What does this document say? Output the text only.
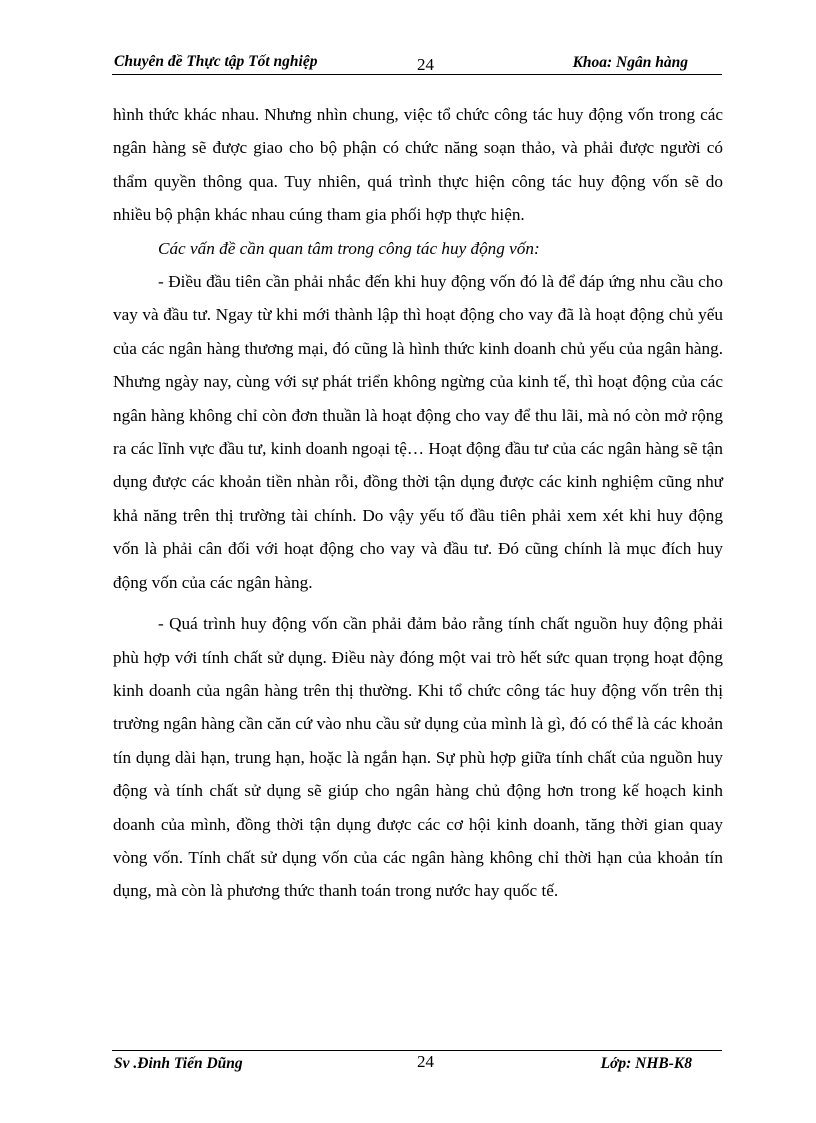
Chuyên đề Thực tập Tốt nghiệp	24	Khoa: Ngân hàng

hình thức khác nhau. Nhưng nhìn chung, việc tổ chức công tác huy động vốn trong các ngân hàng sẽ được giao cho bộ phận có chức năng soạn thảo, và phải được người có thẩm quyền thông qua. Tuy nhiên, quá trình thực hiện công tác huy động vốn sẽ do nhiều bộ phận khác nhau cúng tham gia phối hợp thực hiện.

Các vấn đề cần quan tâm trong công tác huy động vốn:

- Điều đầu tiên cần phải nhắc đến khi huy động vốn đó là để đáp ứng nhu cầu cho vay và đầu tư. Ngay từ khi mới thành lập thì hoạt động cho vay đã là hoạt động chủ yếu của các ngân hàng thương mại, đó cũng là hình thức kinh doanh chủ yếu của ngân hàng. Nhưng ngày nay, cùng với sự phát triển không ngừng của kinh tế, thì hoạt động của các ngân hàng không chỉ còn đơn thuần là hoạt động cho vay để thu lãi, mà nó còn mở rộng ra các lĩnh vực đầu tư, kinh doanh ngoại tệ… Hoạt động đầu tư của các ngân hàng sẽ tận dụng được các khoản tiền nhàn rỗi, đồng thời tận dụng được các kinh nghiệm cũng như khả năng trên thị trường tài chính. Do vậy yếu tố đầu tiên phải xem xét khi huy động vốn là phải cân đối với hoạt động cho vay và đầu tư. Đó cũng chính là mục đích huy động vốn của các ngân hàng.

- Quá trình huy động vốn cần phải đảm bảo rằng tính chất nguồn huy động phải phù hợp với tính chất sử dụng. Điều này đóng một vai trò hết sức quan trọng hoạt động kinh doanh của ngân hàng trên thị thường. Khi tổ chức công tác huy động vốn trên thị trường ngân hàng cần căn cứ vào nhu cầu sử dụng của mình là gì, đó có thể là các khoản tín dụng dài hạn, trung hạn, hoặc là ngắn hạn. Sự phù hợp giữa tính chất của nguồn huy động và tính chất sử dụng sẽ giúp cho ngân hàng chủ động hơn trong kế hoạch kinh doanh của mình, đồng thời tận dụng được các cơ hội kinh doanh, tăng thời gian quay vòng vốn. Tính chất sử dụng vốn của các ngân hàng không chỉ thời hạn của khoản tín dụng, mà còn là phương thức thanh toán trong nước hay quốc tế.

Sv .Đinh Tiến Dũng	24	Lớp: NHB-K8
